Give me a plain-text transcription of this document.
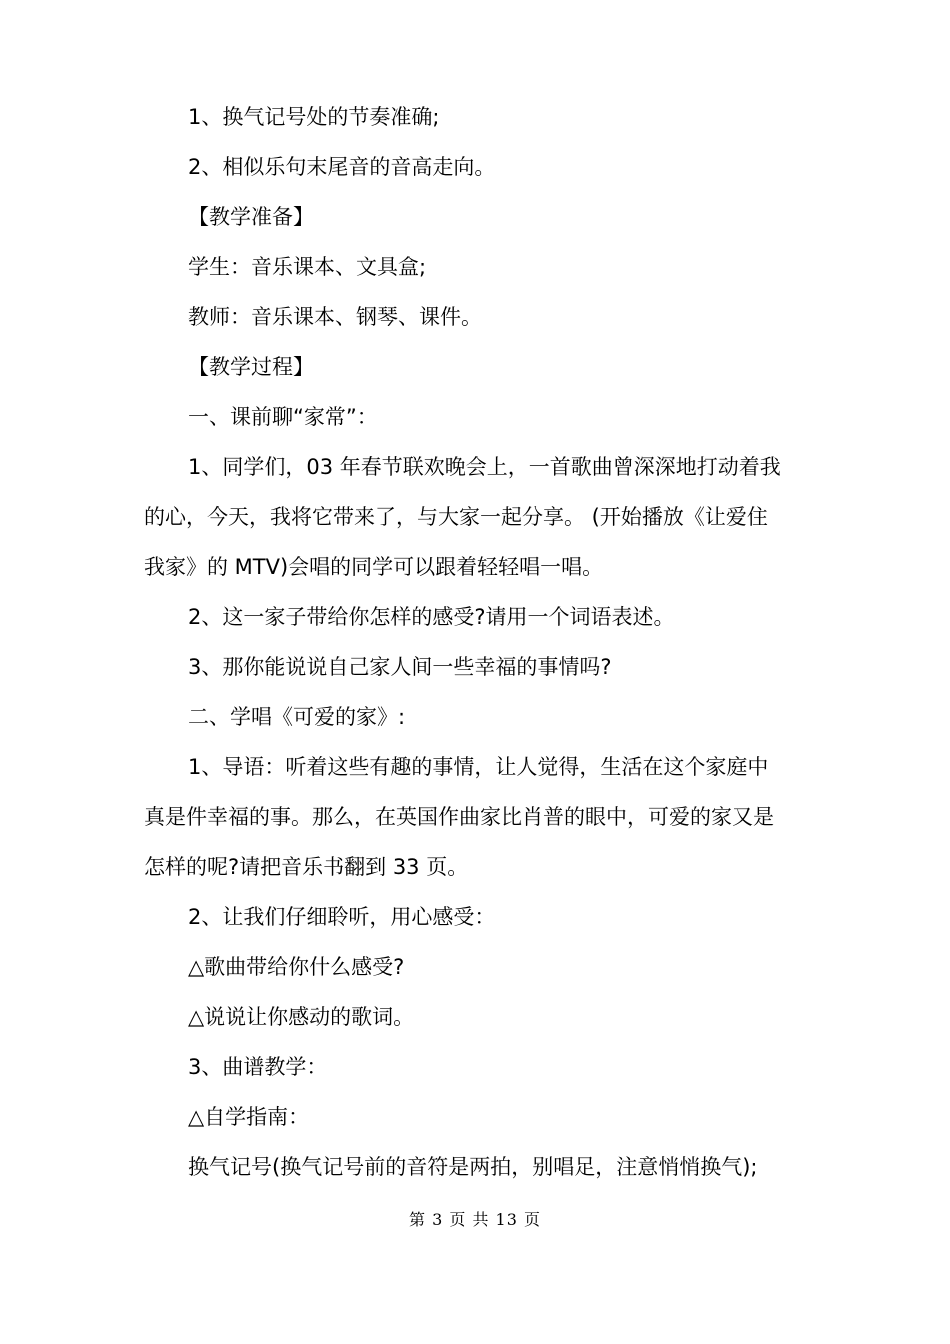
1、换气记号处的节奏准确;

2、相似乐句末尾音的音高走向。

【教学准备】

学生：音乐课本、文具盒;

教师：音乐课本、钢琴、课件。

【教学过程】

一、课前聊“家常”：

1、同学们，03 年春节联欢晚会上，一首歌曲曾深深地打动着我

的心，今天，我将它带来了，与大家一起分享。 (开始播放《让爱住

我家》的 MTV)会唱的同学可以跟着轻轻唱一唱。

2、这一家子带给你怎样的感受?请用一个词语表述。

3、那你能说说自己家人间一些幸福的事情吗?

二、学唱《可爱的家》:

1、导语：听着这些有趣的事情，让人觉得，生活在这个家庭中

真是件幸福的事。那么，在英国作曲家比肖普的眼中，可爱的家又是

怎样的呢?请把音乐书翻到 33 页。

2、让我们仔细聆听，用心感受：

△歌曲带给你什么感受?

△说说让你感动的歌词。

3、曲谱教学：

△自学指南：

换气记号(换气记号前的音符是两拍，别唱足，注意悄悄换气);

第 3 页 共 13 页
